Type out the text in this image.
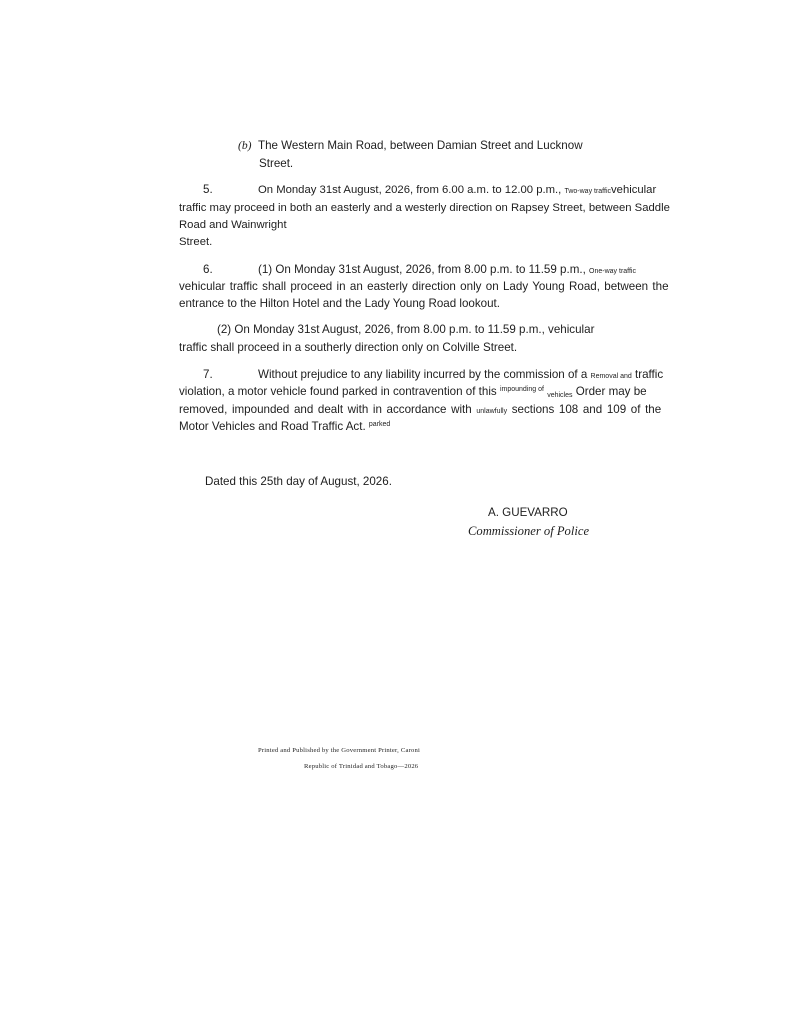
(b) The Western Main Road, between Damian Street and Lucknow
Street.
5.	On Monday 31st August, 2026, from 6.00 a.m. to 12.00 p.m., Two-way trafficvehicular
traffic may proceed in both an easterly and a westerly direction on Rapsey Street, between Saddle
Road and Wainwright
Street.
6.	(1) On Monday 31st August, 2026, from 8.00 p.m. to 11.59 p.m., One-way traffic
vehicular traffic shall proceed in an easterly direction only on Lady Young Road, between the
entrance to the Hilton Hotel and the Lady Young Road lookout.
(2) On Monday 31st August, 2026, from 8.00 p.m. to 11.59 p.m., vehicular
traffic shall proceed in a southerly direction only on Colville Street.
7.	Without prejudice to any liability incurred by the commission of a Removal and traffic
violation, a motor vehicle found parked in contravention of this $^{impounding of}$ vehicles Order may be
removed, impounded and dealt with in accordance with unlawfully sections 108 and 109 of the
Motor Vehicles and Road Traffic Act. $^{parked}$
Dated this 25th day of August, 2026.
A. GUEVARRO
Commissioner of Police
Printed and Published by the Government Printer, Caroni
Republic of Trinidad and Tobago—2026
